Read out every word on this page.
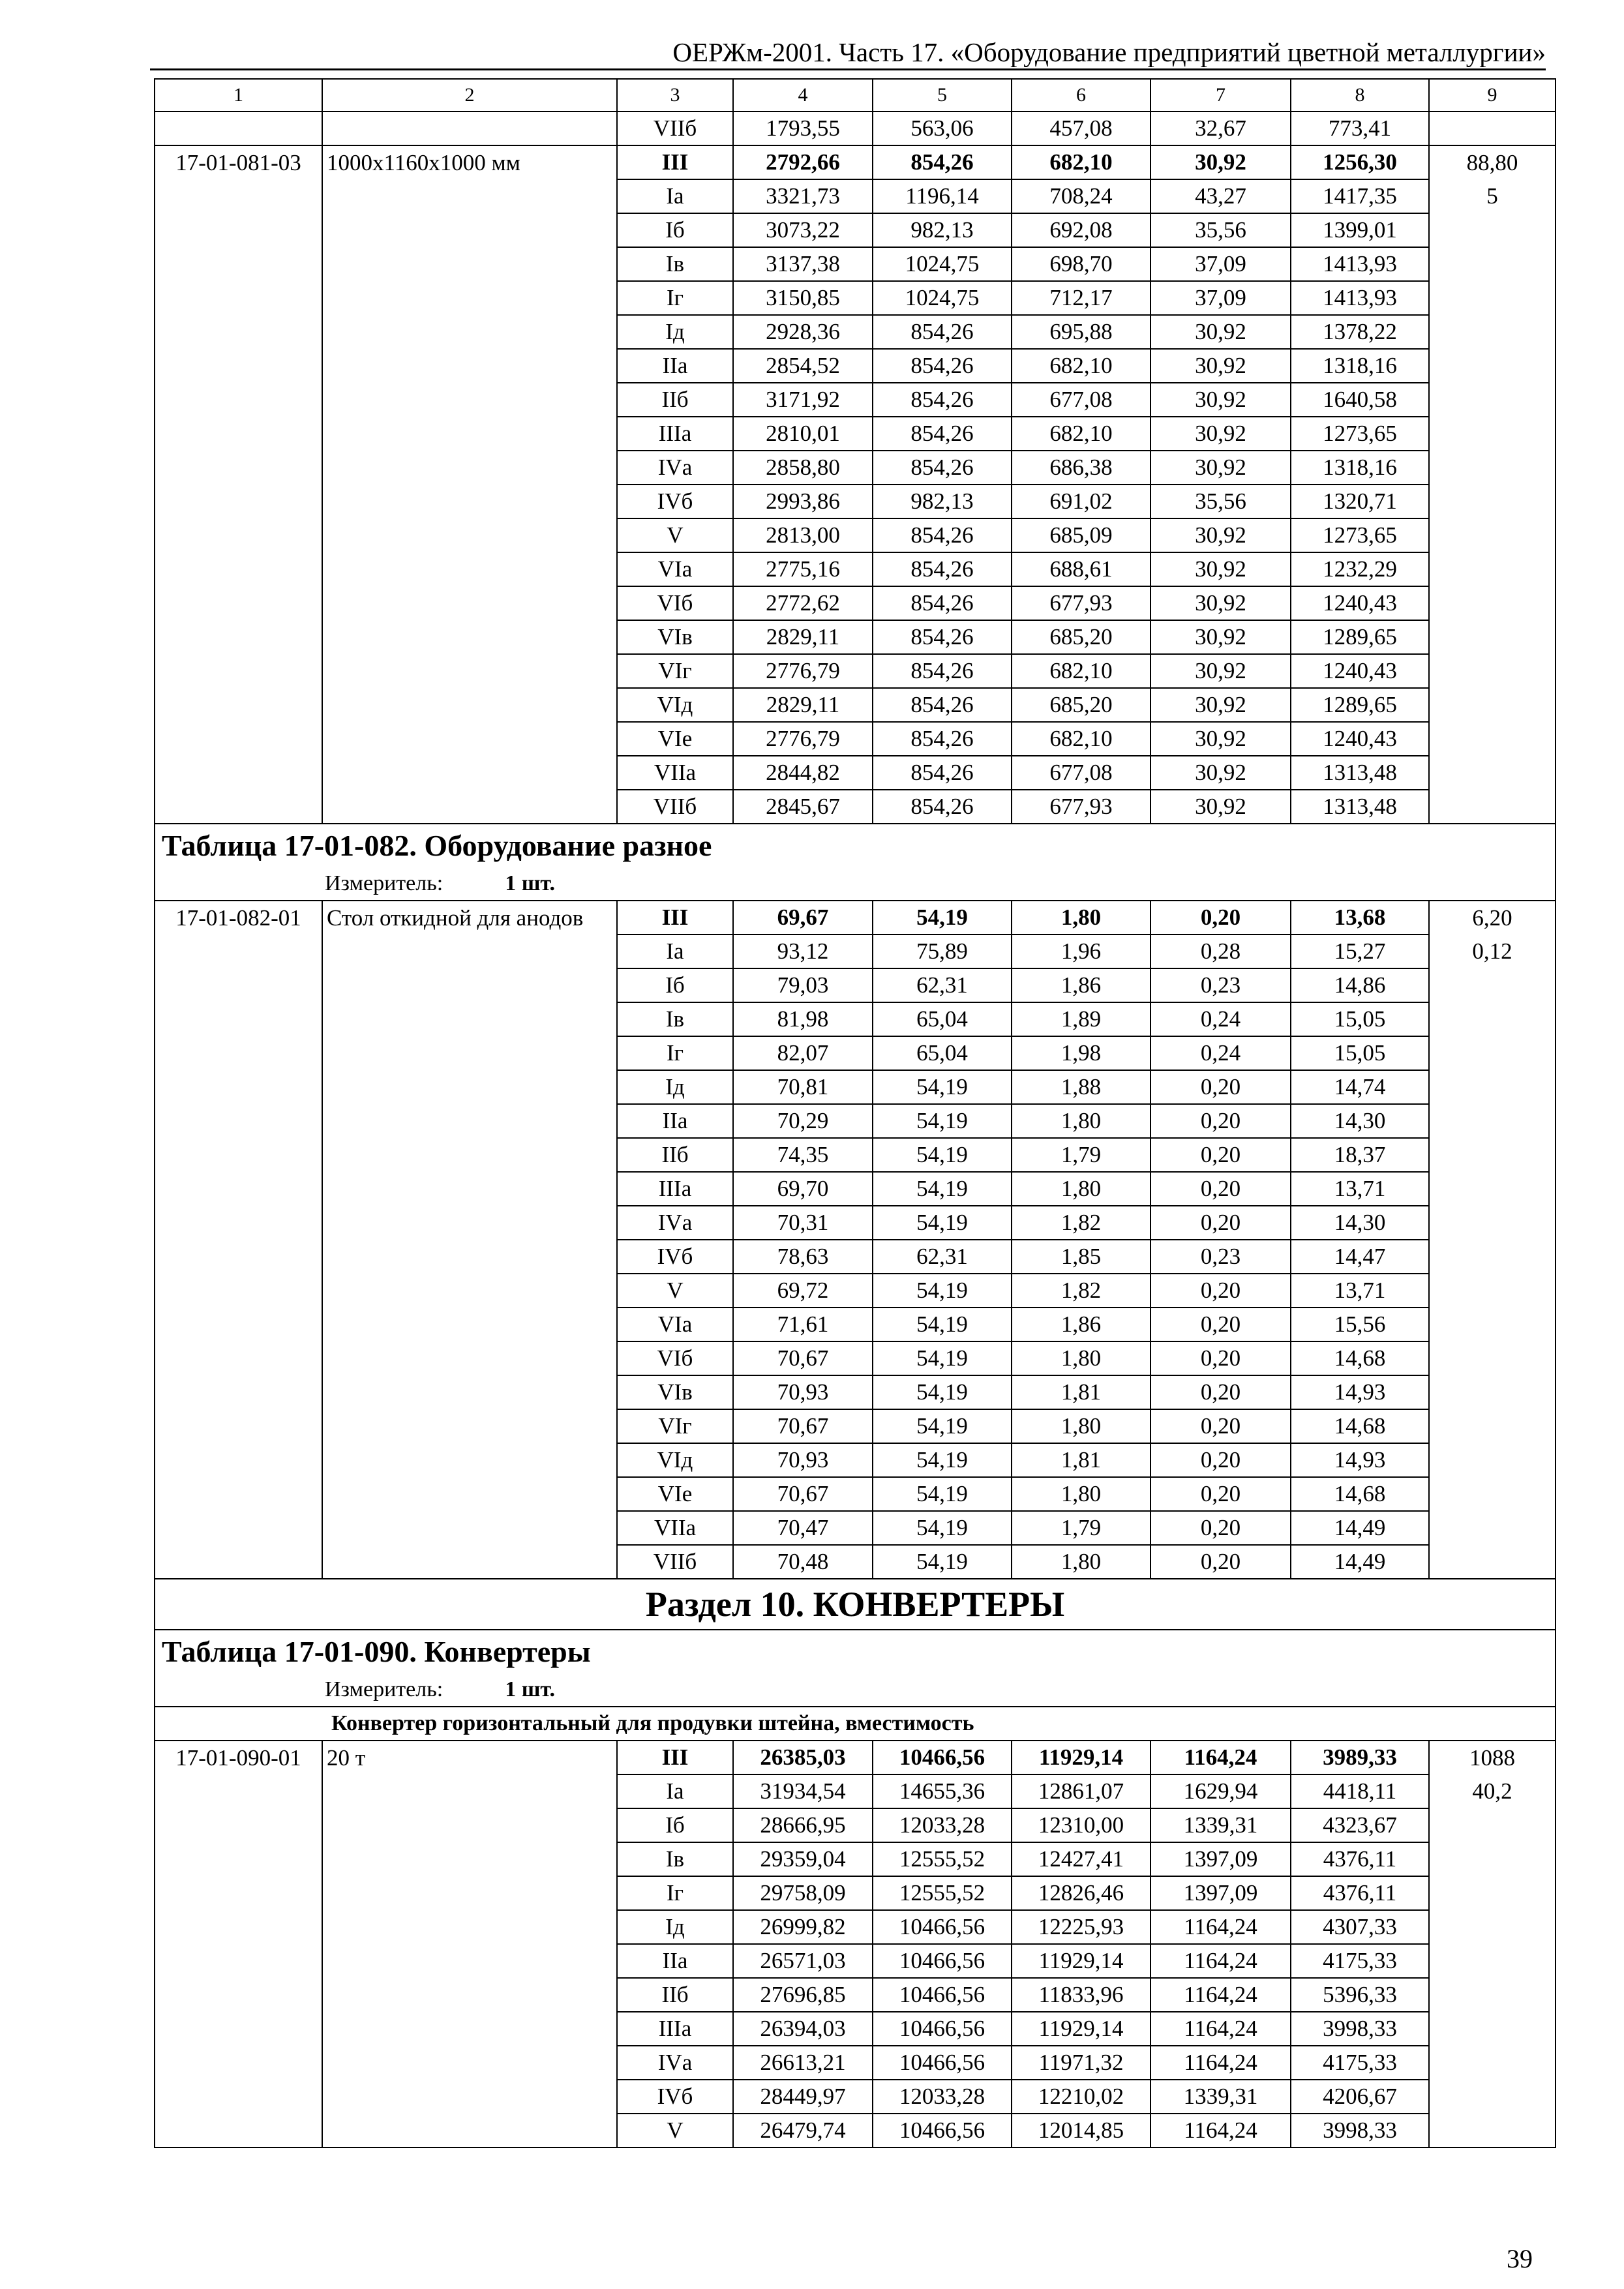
ОЕРЖм-2001. Часть 17. «Оборудование предприятий цветной металлургии»
1	2	3	4	5	6	7	8	9
		VIIб	1793,55	563,06	457,08	32,67	773,41	
17-01-081-03	1000х1160х1000 мм	III	2792,66	854,26	682,10	30,92	1256,30	88,80
		Iа	3321,73	1196,14	708,24	43,27	1417,35	5
		Iб	3073,22	982,13	692,08	35,56	1399,01	
		Iв	3137,38	1024,75	698,70	37,09	1413,93	
		Iг	3150,85	1024,75	712,17	37,09	1413,93	
		Iд	2928,36	854,26	695,88	30,92	1378,22	
		IIа	2854,52	854,26	682,10	30,92	1318,16	
		IIб	3171,92	854,26	677,08	30,92	1640,58	
		IIIа	2810,01	854,26	682,10	30,92	1273,65	
		IVа	2858,80	854,26	686,38	30,92	1318,16	
		IVб	2993,86	982,13	691,02	35,56	1320,71	
		V	2813,00	854,26	685,09	30,92	1273,65	
		VIа	2775,16	854,26	688,61	30,92	1232,29	
		VIб	2772,62	854,26	677,93	30,92	1240,43	
		VIв	2829,11	854,26	685,20	30,92	1289,65	
		VIг	2776,79	854,26	682,10	30,92	1240,43	
		VIд	2829,11	854,26	685,20	30,92	1289,65	
		VIе	2776,79	854,26	682,10	30,92	1240,43	
		VIIа	2844,82	854,26	677,08	30,92	1313,48	
		VIIб	2845,67	854,26	677,93	30,92	1313,48	
Таблица 17-01-082. Оборудование разное								
Измеритель: 1 шт.								
17-01-082-01	Стол откидной для анодов	III	69,67	54,19	1,80	0,20	13,68	6,20
		Iа	93,12	75,89	1,96	0,28	15,27	0,12
		Iб	79,03	62,31	1,86	0,23	14,86	
		Iв	81,98	65,04	1,89	0,24	15,05	
		Iг	82,07	65,04	1,98	0,24	15,05	
		Iд	70,81	54,19	1,88	0,20	14,74	
		IIа	70,29	54,19	1,80	0,20	14,30	
		IIб	74,35	54,19	1,79	0,20	18,37	
		IIIа	69,70	54,19	1,80	0,20	13,71	
		IVа	70,31	54,19	1,82	0,20	14,30	
		IVб	78,63	62,31	1,85	0,23	14,47	
		V	69,72	54,19	1,82	0,20	13,71	
		VIа	71,61	54,19	1,86	0,20	15,56	
		VIб	70,67	54,19	1,80	0,20	14,68	
		VIв	70,93	54,19	1,81	0,20	14,93	
		VIг	70,67	54,19	1,80	0,20	14,68	
		VIд	70,93	54,19	1,81	0,20	14,93	
		VIе	70,67	54,19	1,80	0,20	14,68	
		VIIа	70,47	54,19	1,79	0,20	14,49	
		VIIб	70,48	54,19	1,80	0,20	14,49	
Раздел 10. КОНВЕРТЕРЫ								
Таблица 17-01-090. Конвертеры								
Измеритель: 1 шт.								
Конвертер горизонтальный для продувки штейна, вместимость								
17-01-090-01	20 т	III	26385,03	10466,56	11929,14	1164,24	3989,33	1088
		Iа	31934,54	14655,36	12861,07	1629,94	4418,11	40,2
		Iб	28666,95	12033,28	12310,00	1339,31	4323,67	
		Iв	29359,04	12555,52	12427,41	1397,09	4376,11	
		Iг	29758,09	12555,52	12826,46	1397,09	4376,11	
		Iд	26999,82	10466,56	12225,93	1164,24	4307,33	
		IIа	26571,03	10466,56	11929,14	1164,24	4175,33	
		IIб	27696,85	10466,56	11833,96	1164,24	5396,33	
		IIIа	26394,03	10466,56	11929,14	1164,24	3998,33	
		IVа	26613,21	10466,56	11971,32	1164,24	4175,33	
		IVб	28449,97	12033,28	12210,02	1339,31	4206,67	
		V	26479,74	10466,56	12014,85	1164,24	3998,33	
39
